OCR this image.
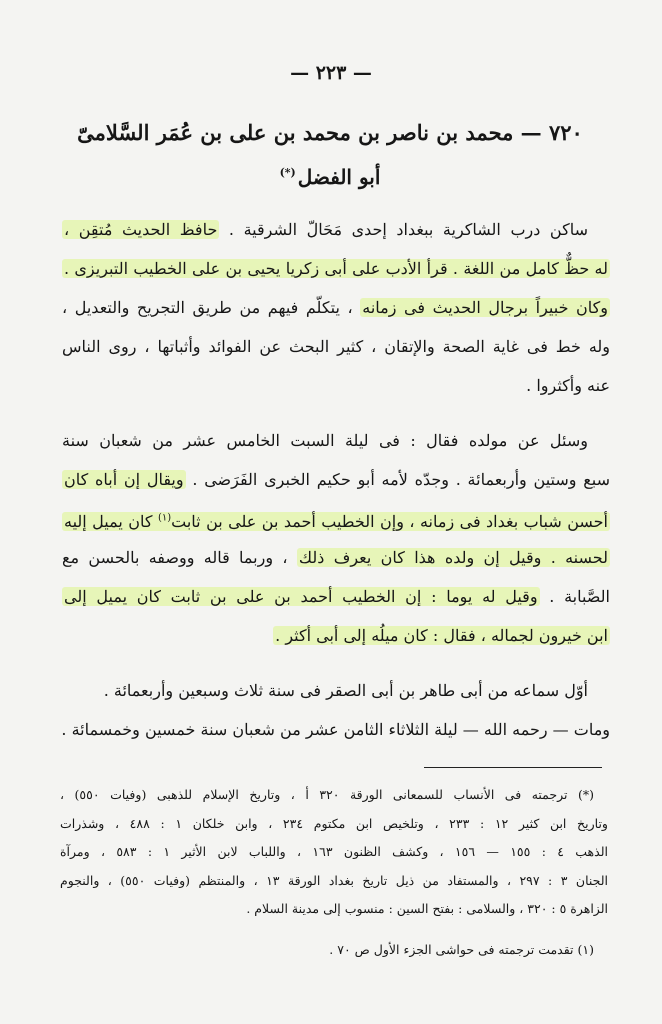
— ٢٢٣ —
٧٢٠ — محمد بن ناصر بن محمد بن على بن عُمَر السَّلامىّ
أبو الفضل(*)
ساكن درب الشاكرية ببغداد إحدى مَحَالّ الشرقية . حافظ الحديث مُتقِن ،
له حظٌّ كامل من اللغة . قرأ الأدب على أبى زكريا يحيى بن على الخطيب التبريزى .
وكان خبيراً برجال الحديث فى زمانه ، يتكلّم فيهم من طريق التجريح والتعديل ،
وله خط فى غاية الصحة والإتقان ، كثير البحث عن الفوائد وأثباتها ، روى الناس
عنه وأكثروا .
وسئل عن مولده فقال : فى ليلة السبت الخامس عشر من شعبان سنة
سبع وستين وأربعمائة . وجدّه لأمه أبو حكيم الخبرى الفَرَضى . ويقال إن أباه كان
أحسن شباب بغداد فى زمانه ، وإن الخطيب أحمد بن على بن ثابت$^{(١)}$ كان يميل إليه
لحسنه . وقيل إن ولده هذا كان يعرف ذلك ، وربما قاله ووصفه بالحسن مع
الصَّبابة . وقيل له يوما : إن الخطيب أحمد بن على بن ثابت كان يميل إلى
ابن خيرون لجماله ، فقال : كان ميلُه إلى أبى أكثر .
أوّل سماعه من أبى طاهر بن أبى الصقر فى سنة ثلاث وسبعين وأربعمائة .
ومات — رحمه الله — ليلة الثلاثاء الثامن عشر من شعبان سنة خمسين وخمسمائة .
(*) ترجمته فى الأنساب للسمعانى الورقة ٣٢٠ أ ، وتاريخ الإسلام للذهبى (وفيات ٥٥٠) ،
وتاريخ ابن كثير ١٢ : ٢٣٣ ، وتلخيص ابن مكتوم ٢٣٤ ، وابن خلكان ١ : ٤٨٨ ، وشذرات
الذهب ٤ : ١٥٥ — ١٥٦ ، وكشف الظنون ١٦٣ ، واللباب لابن الأثير ١ : ٥٨٣ ، ومرآة
الجنان ٣ : ٢٩٧ ، والمستفاد من ذيل تاريخ بغداد الورقة ١٣ ، والمنتظم (وفيات ٥٥٠) ، والنجوم
الزاهرة ٥ : ٣٢٠ ، والسلامى : بفتح السين : منسوب إلى مدينة السلام .
(١) تقدمت ترجمته فى حواشى الجزء الأول ص ٧٠ .
